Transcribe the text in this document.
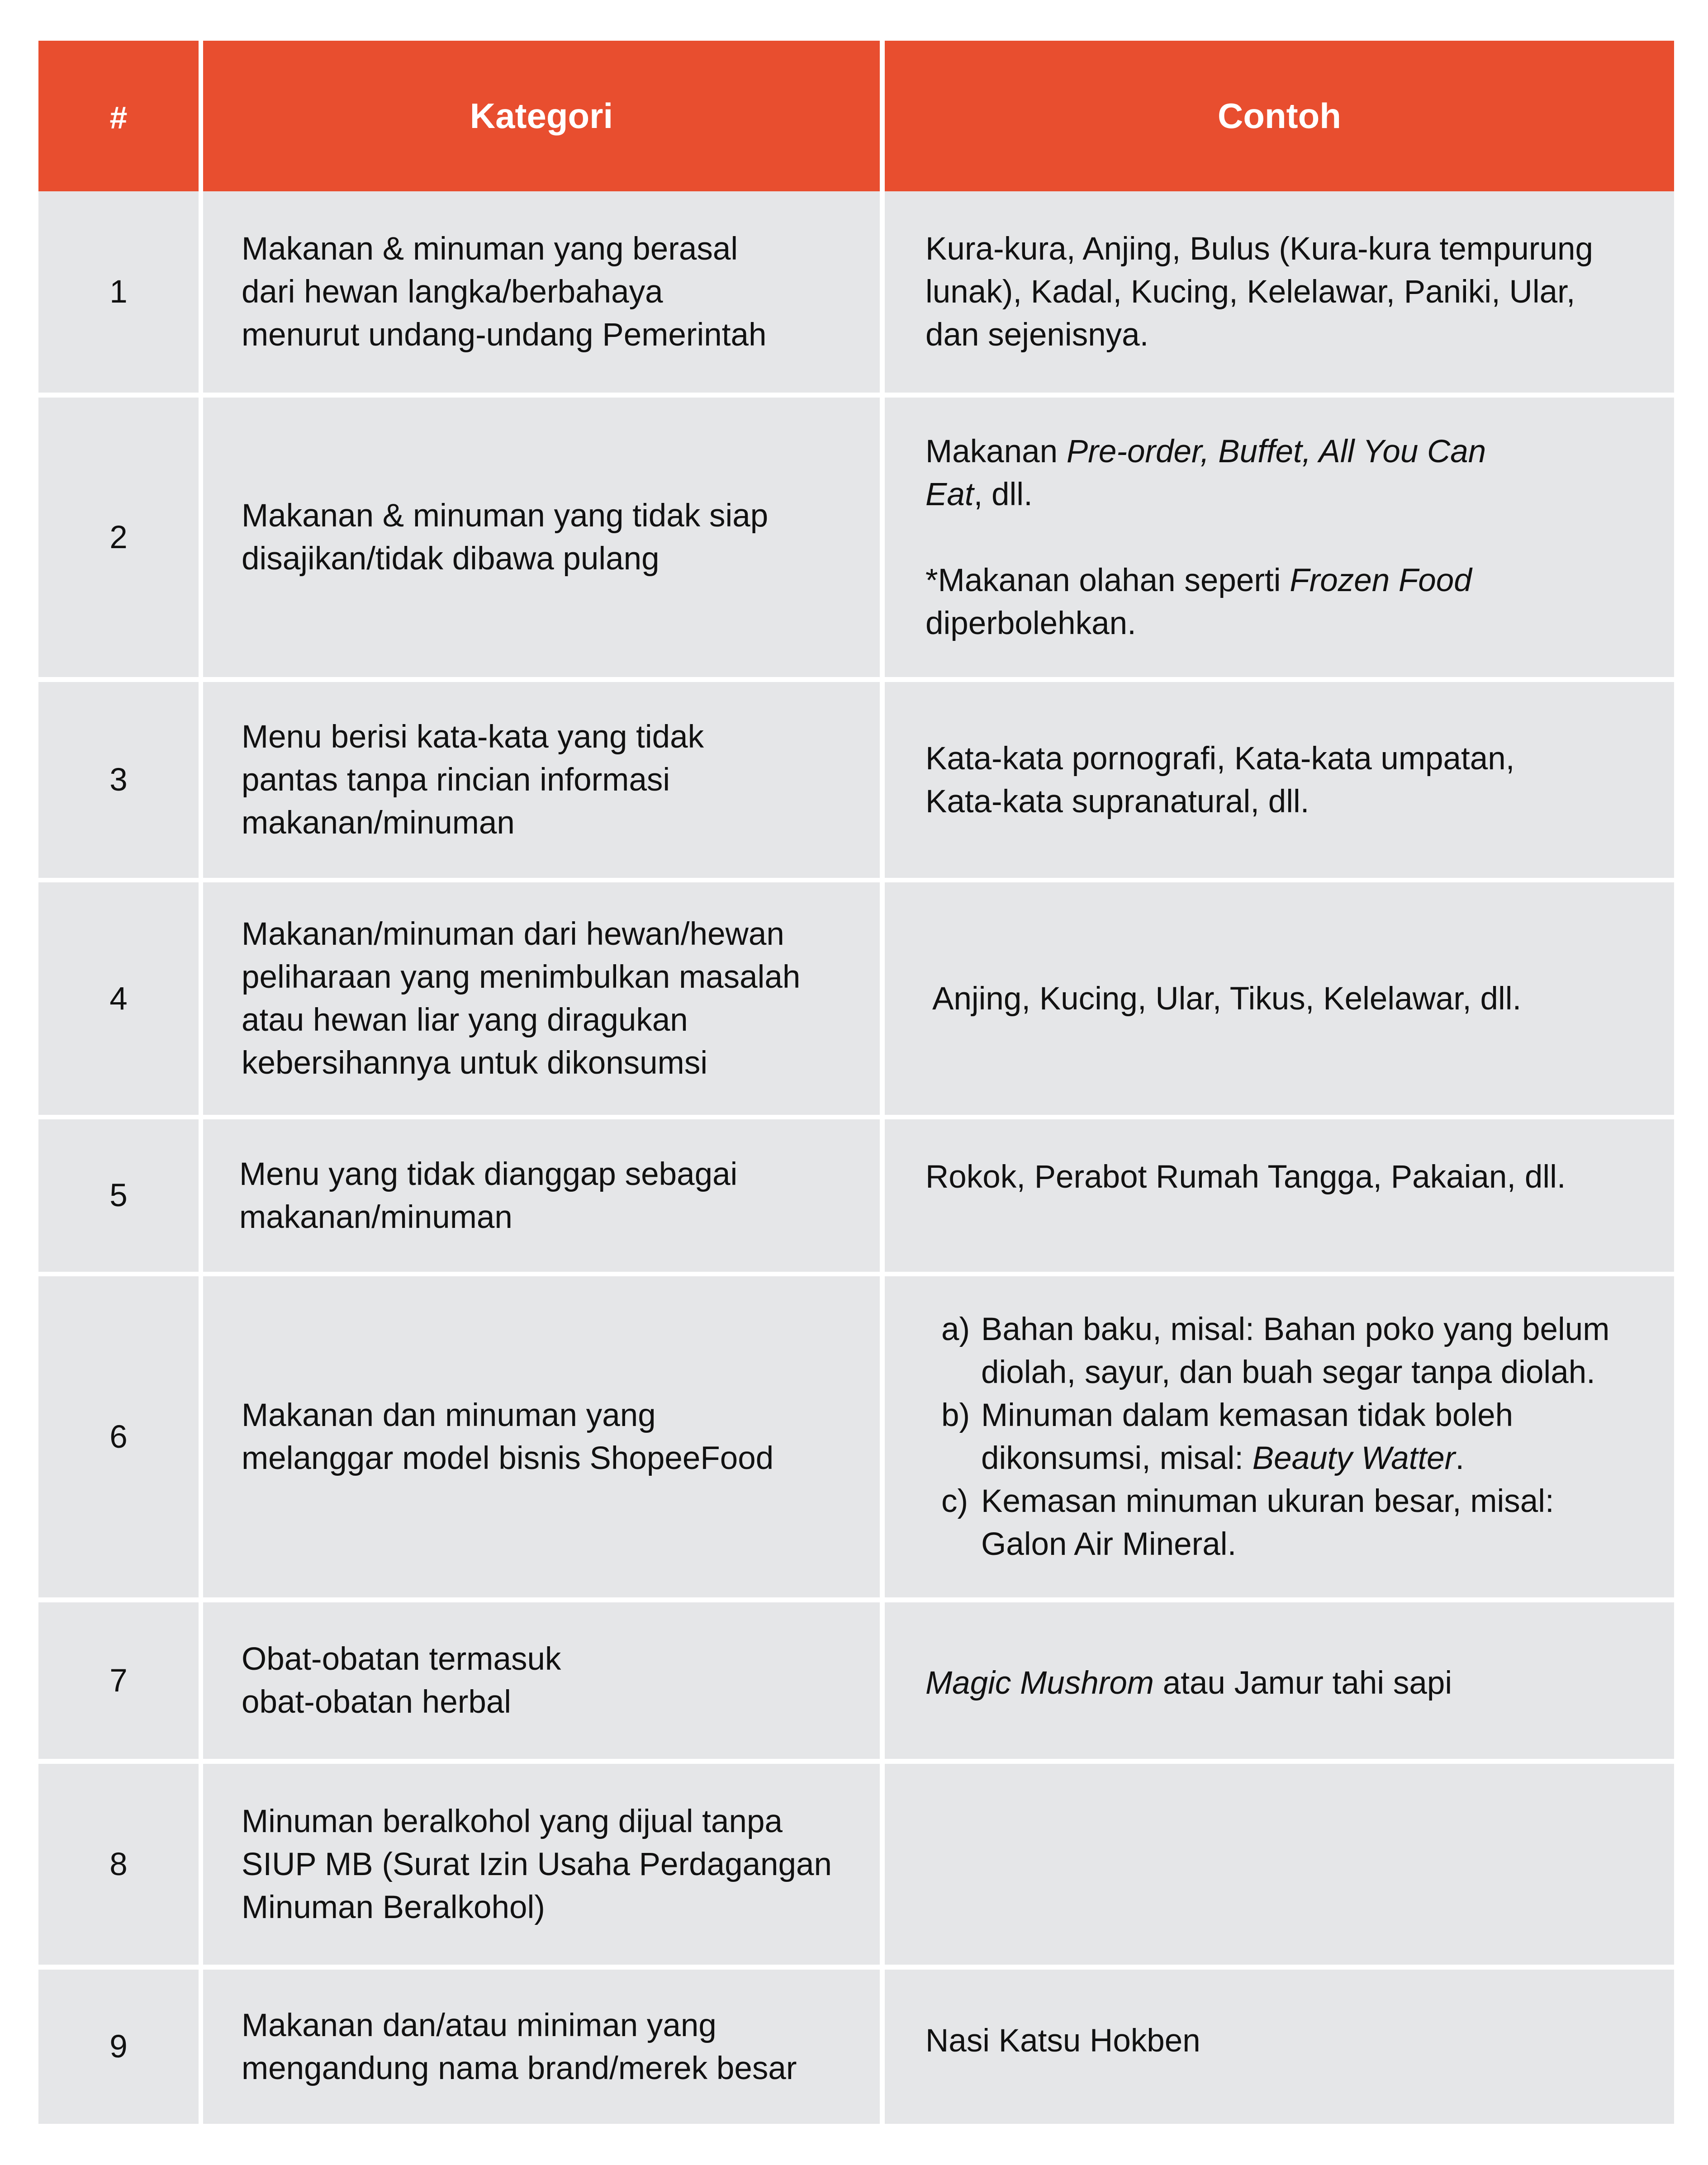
#	Kategori	Contoh
1
Makanan & minuman yang berasal
dari hewan langka/berbahaya
menurut undang-undang Pemerintah
Kura-kura, Anjing, Bulus (Kura-kura tempurung
lunak), Kadal, Kucing, Kelelawar, Paniki, Ular,
dan sejenisnya.
2
Makanan & minuman yang tidak siap
disajikan/tidak dibawa pulang
Makanan Pre-order, Buffet, All You Can
Eat, dll.
*Makanan olahan seperti Frozen Food
diperbolehkan.
3
Menu berisi kata-kata yang tidak
pantas tanpa rincian informasi
makanan/minuman
Kata-kata pornografi, Kata-kata umpatan,
Kata-kata supranatural, dll.
4
Makanan/minuman dari hewan/hewan
peliharaan yang menimbulkan masalah
atau hewan liar yang diragukan
kebersihannya untuk dikonsumsi
Anjing, Kucing, Ular, Tikus, Kelelawar, dll.
5
Menu yang tidak dianggap sebagai
makanan/minuman
Rokok, Perabot Rumah Tangga, Pakaian, dll.
6
Makanan dan minuman yang
melanggar model bisnis ShopeeFood
a) Bahan baku, misal: Bahan poko yang belum
diolah, sayur, dan buah segar tanpa diolah.
b) Minuman dalam kemasan tidak boleh
dikonsumsi, misal: Beauty Watter.
c) Kemasan minuman ukuran besar, misal:
Galon Air Mineral.
7
Obat-obatan termasuk
obat-obatan herbal
Magic Mushrom atau Jamur tahi sapi
8
Minuman beralkohol yang dijual tanpa
SIUP MB (Surat Izin Usaha Perdagangan
Minuman Beralkohol)
9
Makanan dan/atau miniman yang
mengandung nama brand/merek besar
Nasi Katsu Hokben
